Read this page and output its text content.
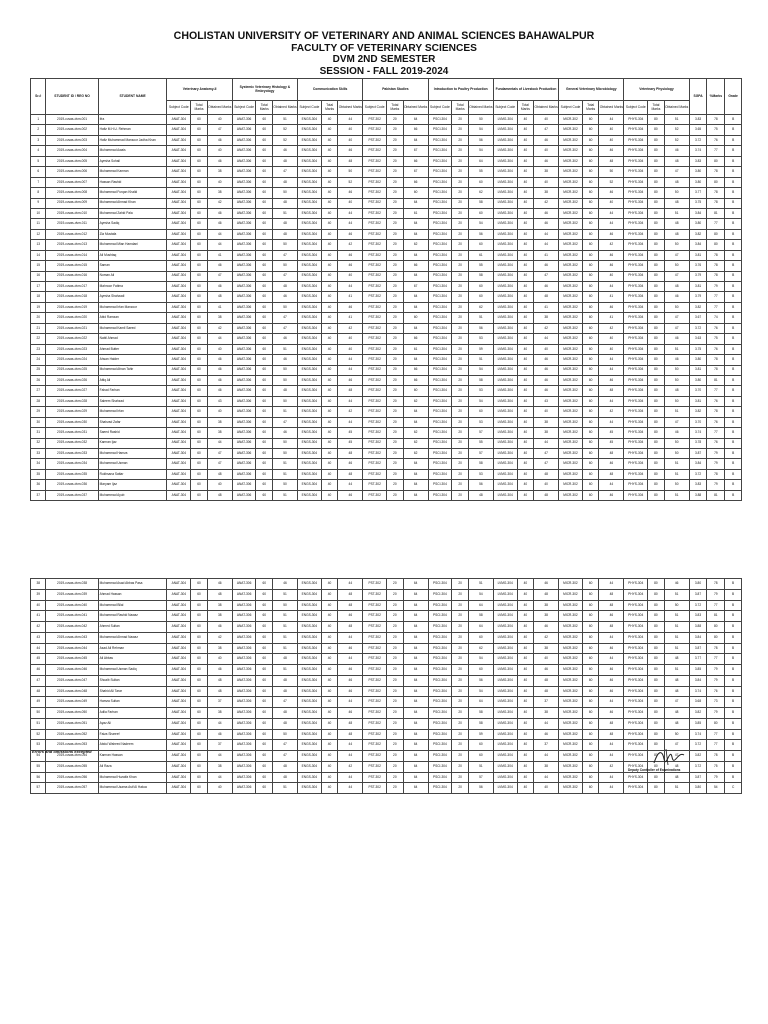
CHOLISTAN UNIVERSITY OF VETERINARY AND ANIMAL SCIENCES BAHAWALPUR
FACULTY OF VETERINARY SCIENCES
DVM 2ND SEMESTER
SESSION - FALL 2019-2024
Sr.#	STUDENT ID / REG NO	STUDENT NAME	Veterinary Anatomy-II			Systemic Veterinary Histology & Embryology			Communication Skills			Pakistan Studies			Introduction to Poultry Production			Fundamentals of Livestock Production			General Veterinary Microbiology			Veterinary Physiology			SGPA	%Marks	Grade
			Subject Code	Total Marks	Obtained Marks	Subject Code	Total Marks	Obtained Marks	Subject Code	Total Marks	Obtained Marks	Subject Code	Total Marks	Obtained Marks	Subject Code	Total Marks	Obtained Marks	Subject Code	Total Marks	Obtained Marks	Subject Code	Total Marks	Obtained Marks	Subject Code	Total Marks	Obtained Marks			
1	2019-cuvas-dvm-001	Ifra	ANAT-304	60	40	ANAT-306	60	51	ENGS-304	40	44	PST-302	20	64	PSCI-304	20	50	LVMG-304	40	40	MICR-302	60	44	PHYS-304	80	51	3.83	78	B
2	2019-cuvas-dvm-002	Hafiz M.H.U. Rehman	ANAT-304	60	47	ANAT-306	60	52	ENGS-304	40	40	PST-302	20	66	PSCI-304	20	54	LVMG-304	40	47	MICR-302	60	40	PHYS-304	80	52	3.65	75	B
3	2019-cuvas-dvm-003	Hafiz Muhammad Mansoor Jadha Khan	ANAT-304	60	46	ANAT-306	60	52	ENGS-304	40	40	PST-302	20	64	PSCI-304	20	56	LVMG-304	40	46	MICR-302	60	40	PHYS-304	80	52	3.72	76	B
4	2019-cuvas-dvm-004	Muhammad Awais	ANAT-304	60	40	ANAT-306	60	46	ENGS-304	40	46	PST-302	20	67	PSCI-304	20	54	LVMG-304	40	40	MICR-302	60	46	PHYS-304	80	46	3.74	77	B
5	2019-cuvas-dvm-005	Ayesha Sohail	ANAT-304	60	46	ANAT-306	60	48	ENGS-304	40	48	PST-302	20	66	PSCI-304	20	64	LVMG-304	40	46	MICR-302	60	48	PHYS-304	80	48	3.83	80	B
6	2019-cuvas-dvm-006	Muhammad Kamran	ANAT-304	60	38	ANAT-306	60	47	ENGS-304	40	50	PST-302	20	67	PSCI-304	20	55	LVMG-304	40	38	MICR-302	60	50	PHYS-304	80	47	3.80	78	B
7	2019-cuvas-dvm-007	Hassan Rashid	ANAT-304	60	40	ANAT-306	60	48	ENGS-304	40	52	PST-302	20	66	PSCI-304	20	60	LVMG-304	40	40	MICR-302	60	52	PHYS-304	80	48	3.80	80	B
8	2019-cuvas-dvm-008	Muhammad Furqan Khalid	ANAT-304	60	38	ANAT-306	60	50	ENGS-304	40	46	PST-302	20	60	PSCI-304	20	62	LVMG-304	40	38	MICR-302	60	46	PHYS-304	80	50	3.77	78	B
9	2019-cuvas-dvm-009	Muhammad Ahmad Khan	ANAT-304	60	42	ANAT-306	60	48	ENGS-304	40	40	PST-302	20	64	PSCI-304	20	58	LVMG-304	40	42	MICR-302	60	40	PHYS-304	80	48	3.75	78	B
10	2019-cuvas-dvm-010	Muhammad Zahid Pala	ANAT-304	60	46	ANAT-306	60	51	ENGS-304	40	44	PST-302	20	61	PSCI-304	20	60	LVMG-304	40	46	MICR-302	60	44	PHYS-304	80	51	3.84	81	B
11	2019-cuvas-dvm-011	Ayesha Sadiq	ANAT-304	60	46	ANAT-306	60	48	ENGS-304	40	44	PST-302	20	64	PSCI-304	20	54	LVMG-304	40	46	MICR-302	60	44	PHYS-304	80	48	3.80	77	B
12	2019-cuvas-dvm-012	Zia Mustafa	ANAT-304	60	44	ANAT-306	60	48	ENGS-304	40	46	PST-302	20	64	PSCI-304	20	56	LVMG-304	40	44	MICR-302	60	46	PHYS-304	80	48	3.82	80	B
13	2019-cuvas-dvm-013	Muhammad Mian Hamdani	ANAT-304	60	44	ANAT-306	60	50	ENGS-304	40	42	PST-302	20	62	PSCI-304	20	60	LVMG-304	40	44	MICR-302	60	42	PHYS-304	80	50	3.84	80	B
14	2019-cuvas-dvm-014	Ali Mushtaq	ANAT-304	60	41	ANAT-306	60	47	ENGS-304	40	46	PST-302	20	64	PSCI-304	20	61	LVMG-304	40	41	MICR-302	60	46	PHYS-304	80	47	3.81	78	B
15	2019-cuvas-dvm-015	Saman	ANAT-304	60	46	ANAT-306	60	50	ENGS-304	40	46	PST-302	20	66	PSCI-304	20	55	LVMG-304	40	46	MICR-302	60	46	PHYS-304	80	50	3.76	78	B
16	2019-cuvas-dvm-016	Noman Ali	ANAT-304	60	47	ANAT-306	60	47	ENGS-304	40	40	PST-302	20	64	PSCI-304	20	58	LVMG-304	40	47	MICR-302	60	40	PHYS-304	80	47	3.79	78	B
17	2019-cuvas-dvm-017	Mahnoor Fatima	ANAT-304	60	46	ANAT-306	60	48	ENGS-304	40	44	PST-302	20	67	PSCI-304	20	60	LVMG-304	40	46	MICR-302	60	44	PHYS-304	80	48	3.81	79	B
18	2019-cuvas-dvm-018	Ayesha Shahzadi	ANAT-304	60	48	ANAT-306	60	46	ENGS-304	40	41	PST-302	20	64	PSCI-304	20	60	LVMG-304	40	48	MICR-302	60	41	PHYS-304	80	46	3.79	77	B
19	2019-cuvas-dvm-019	Muhammad Irfan Manzoor	ANAT-304	60	41	ANAT-306	60	50	ENGS-304	40	46	PST-302	20	64	PSCI-304	20	62	LVMG-304	40	41	MICR-302	60	46	PHYS-304	80	50	3.82	77	B
20	2019-cuvas-dvm-020	Abid Ramzan	ANAT-304	60	38	ANAT-306	60	47	ENGS-304	40	41	PST-302	20	60	PSCI-304	20	51	LVMG-304	40	38	MICR-302	60	41	PHYS-304	80	47	3.67	74	B
21	2019-cuvas-dvm-021	Muhammad Kamil Saeed	ANAT-304	60	42	ANAT-306	60	47	ENGS-304	40	42	PST-302	20	64	PSCI-304	20	56	LVMG-304	40	42	MICR-302	60	42	PHYS-304	80	47	3.72	76	B
22	2019-cuvas-dvm-022	Nabil Ahmad	ANAT-304	60	44	ANAT-306	60	46	ENGS-304	40	40	PST-302	20	66	PSCI-304	20	53	LVMG-304	40	44	MICR-302	60	40	PHYS-304	80	46	3.63	75	B
23	2019-cuvas-dvm-023	Ahmad Butter	ANAT-304	60	40	ANAT-306	60	51	ENGS-304	40	40	PST-302	20	61	PSCI-304	20	59	LVMG-304	40	40	MICR-302	60	40	PHYS-304	80	51	3.75	76	B
24	2019-cuvas-dvm-024	Ahsan Haider	ANAT-304	60	46	ANAT-306	60	46	ENGS-304	40	44	PST-302	20	64	PSCI-304	20	51	LVMG-304	40	46	MICR-302	60	44	PHYS-304	80	46	3.80	78	B
25	2019-cuvas-dvm-025	Muhammad Afnan Tahir	ANAT-304	60	46	ANAT-306	60	50	ENGS-304	40	44	PST-302	20	66	PSCI-304	20	54	LVMG-304	40	46	MICR-302	60	44	PHYS-304	80	50	3.81	78	B
26	2019-cuvas-dvm-026	Attiq Ali	ANAT-304	60	46	ANAT-306	60	50	ENGS-304	40	46	PST-302	20	66	PSCI-304	20	58	LVMG-304	40	46	MICR-302	60	46	PHYS-304	80	50	3.80	81	B
27	2019-cuvas-dvm-027	Fahad Farhan	ANAT-304	60	46	ANAT-306	60	48	ENGS-304	40	48	PST-302	20	60	PSCI-304	20	53	LVMG-304	40	46	MICR-302	60	48	PHYS-304	80	48	3.70	77	B
28	2019-cuvas-dvm-028	Saleem Shahzad	ANAT-304	60	43	ANAT-306	60	50	ENGS-304	40	44	PST-302	20	62	PSCI-304	20	54	LVMG-304	40	43	MICR-302	60	44	PHYS-304	80	50	3.81	76	B
29	2019-cuvas-dvm-029	Muhammad Irfan	ANAT-304	60	40	ANAT-306	60	51	ENGS-304	40	42	PST-302	20	64	PSCI-304	20	60	LVMG-304	40	40	MICR-302	60	42	PHYS-304	80	51	3.82	78	B
30	2019-cuvas-dvm-030	Shahzad Zafar	ANAT-304	60	38	ANAT-306	60	47	ENGS-304	40	44	PST-302	20	64	PSCI-304	20	53	LVMG-304	40	38	MICR-302	60	44	PHYS-304	80	47	3.70	76	B
31	2019-cuvas-dvm-031	Saeed Rashid	ANAT-304	60	38	ANAT-306	60	46	ENGS-304	40	45	PST-302	20	62	PSCI-304	20	57	LVMG-304	40	38	MICR-302	60	45	PHYS-304	80	46	3.74	77	B
32	2019-cuvas-dvm-032	Kamran Ijaz	ANAT-304	60	44	ANAT-306	60	50	ENGS-304	40	45	PST-302	20	62	PSCI-304	20	55	LVMG-304	40	44	MICR-302	60	45	PHYS-304	80	50	3.78	76	B
33	2019-cuvas-dvm-033	Muhammad Hamza	ANAT-304	60	47	ANAT-306	60	50	ENGS-304	40	48	PST-302	20	62	PSCI-304	20	57	LVMG-304	40	47	MICR-302	60	48	PHYS-304	80	50	3.87	79	B
34	2019-cuvas-dvm-034	Muhammad Usman	ANAT-304	60	47	ANAT-306	60	51	ENGS-304	40	46	PST-302	20	64	PSCI-304	20	58	LVMG-304	40	47	MICR-302	60	46	PHYS-304	80	51	3.84	79	B
35	2019-cuvas-dvm-035	Rukhsana Sattar	ANAT-304	60	48	ANAT-306	60	51	ENGS-304	40	48	PST-302	20	64	PSCI-304	20	53	LVMG-304	40	48	MICR-302	60	48	PHYS-304	80	51	3.72	78	B
36	2019-cuvas-dvm-036	Maryam Ijaz	ANAT-304	60	40	ANAT-306	60	50	ENGS-304	40	44	PST-302	20	64	PSCI-304	20	56	LVMG-304	40	40	MICR-302	60	44	PHYS-304	80	50	3.83	79	B
37	2019-cuvas-dvm-037	Muhammad Ayub	ANAT-304	60	48	ANAT-306	60	51	ENGS-304	40	46	PST-302	20	64	PSCI-304	20	48	LVMG-304	40	48	MICR-302	60	46	PHYS-304	80	51	3.88	81	B
38	2019-cuvas-dvm-038	Muhammad Asad Abbas Pasa	ANAT-304	60	46	ANAT-306	60	46	ENGS-304	40	44	PST-302	20	64	PSCI-304	20	51	LVMG-304	40	46	MICR-302	60	44	PHYS-304	80	46	3.80	78	B
39	2019-cuvas-dvm-039	Ahmad Hassan	ANAT-304	60	48	ANAT-306	60	51	ENGS-304	40	48	PST-302	20	64	PSCI-304	20	54	LVMG-304	40	48	MICR-302	60	48	PHYS-304	80	51	3.87	79	B
40	2019-cuvas-dvm-040	Muhammad Bilal	ANAT-304	60	38	ANAT-306	60	50	ENGS-304	40	48	PST-302	20	64	PSCI-304	20	64	LVMG-304	40	38	MICR-302	60	48	PHYS-304	80	50	3.72	77	B
41	2019-cuvas-dvm-041	Muhammad Rashid Nawaz	ANAT-304	60	38	ANAT-306	60	51	ENGS-304	40	46	PST-302	20	64	PSCI-304	20	58	LVMG-304	40	38	MICR-302	60	46	PHYS-304	80	51	3.83	81	B
42	2019-cuvas-dvm-042	Ahmed Sultan	ANAT-304	60	46	ANAT-306	60	51	ENGS-304	40	48	PST-302	20	64	PSCI-304	20	64	LVMG-304	40	46	MICR-302	60	48	PHYS-304	80	51	3.88	80	B
43	2019-cuvas-dvm-043	Muhammad Ahmad Nawaz	ANAT-304	60	42	ANAT-306	60	51	ENGS-304	40	44	PST-302	20	64	PSCI-304	20	60	LVMG-304	40	42	MICR-302	60	44	PHYS-304	80	51	3.84	80	B
44	2019-cuvas-dvm-044	Asad Ali Rehman	ANAT-304	60	38	ANAT-306	60	51	ENGS-304	40	46	PST-302	20	64	PSCI-304	20	62	LVMG-304	40	38	MICR-302	60	46	PHYS-304	80	51	3.87	78	B
45	2019-cuvas-dvm-045	Ali Abbas	ANAT-304	60	40	ANAT-306	60	48	ENGS-304	40	44	PST-302	20	64	PSCI-304	20	54	LVMG-304	40	40	MICR-302	60	44	PHYS-304	80	48	3.77	77	B
46	2019-cuvas-dvm-046	Muhammad Usman Sadiq	ANAT-304	60	46	ANAT-306	60	51	ENGS-304	40	46	PST-302	20	64	PSCI-304	20	60	LVMG-304	40	46	MICR-302	60	46	PHYS-304	80	51	3.85	79	B
47	2019-cuvas-dvm-047	Shoaib Sultan	ANAT-304	60	48	ANAT-306	60	48	ENGS-304	40	46	PST-302	20	64	PSCI-304	20	56	LVMG-304	40	48	MICR-302	60	46	PHYS-304	80	48	3.84	79	B
48	2019-cuvas-dvm-048	Shahid Ali Tarar	ANAT-304	60	48	ANAT-306	60	48	ENGS-304	40	46	PST-302	20	64	PSCI-304	20	54	LVMG-304	40	48	MICR-302	60	46	PHYS-304	80	48	3.74	76	B
49	2019-cuvas-dvm-049	Hamza Sultan	ANAT-304	60	37	ANAT-306	60	47	ENGS-304	40	44	PST-302	20	64	PSCI-304	20	64	LVMG-304	40	37	MICR-302	60	44	PHYS-304	80	47	3.68	73	B
50	2019-cuvas-dvm-050	Adila Farhan	ANAT-304	60	38	ANAT-306	60	48	ENGS-304	40	46	PST-302	20	64	PSCI-304	20	58	LVMG-304	40	38	MICR-302	60	46	PHYS-304	80	48	3.82	79	B
51	2019-cuvas-dvm-051	Ayaz Ali	ANAT-304	60	44	ANAT-306	60	48	ENGS-304	40	48	PST-302	20	64	PSCI-304	20	58	LVMG-304	40	44	MICR-302	60	48	PHYS-304	80	48	3.85	80	B
52	2019-cuvas-dvm-052	Faiza Shareef	ANAT-304	60	46	ANAT-306	60	50	ENGS-304	40	48	PST-302	20	64	PSCI-304	20	59	LVMG-304	40	46	MICR-302	60	48	PHYS-304	80	50	3.74	77	B
53	2019-cuvas-dvm-053	Abdul Waheed Nadeem	ANAT-304	60	37	ANAT-306	60	47	ENGS-304	40	44	PST-302	20	64	PSCI-304	20	60	LVMG-304	40	37	MICR-302	60	44	PHYS-304	80	47	3.72	77	B
54	2019-cuvas-dvm-054	Kamran Hassan	ANAT-304	60	44	ANAT-306	60	47	ENGS-304	40	44	PST-302	20	64	PSCI-304	20	60	LVMG-304	40	44	MICR-302	60	44	PHYS-304	80	47	3.82	78	B
55	2019-cuvas-dvm-055	Ali Raza	ANAT-304	60	38	ANAT-306	60	48	ENGS-304	40	42	PST-302	20	64	PSCI-304	20	51	LVMG-304	40	38	MICR-302	60	42	PHYS-304	80	48	3.72	75	B
56	2019-cuvas-dvm-056	Muhammad Huzaifa Khan	ANAT-304	60	44	ANAT-306	60	48	ENGS-304	40	44	PST-302	20	64	PSCI-304	20	57	LVMG-304	40	44	MICR-302	60	44	PHYS-304	80	48	3.87	79	B
57	2019-cuvas-dvm-057	Muhammad Usama Asif Al Hakoo	ANAT-304	60	40	ANAT-306	60	51	ENGS-304	40	44	PST-302	20	64	PSCI-304	20	56	LVMG-304	40	40	MICR-302	60	44	PHYS-304	80	51	3.80	54	C
Errors and omissions excepted
Deputy Controller of Examinations
